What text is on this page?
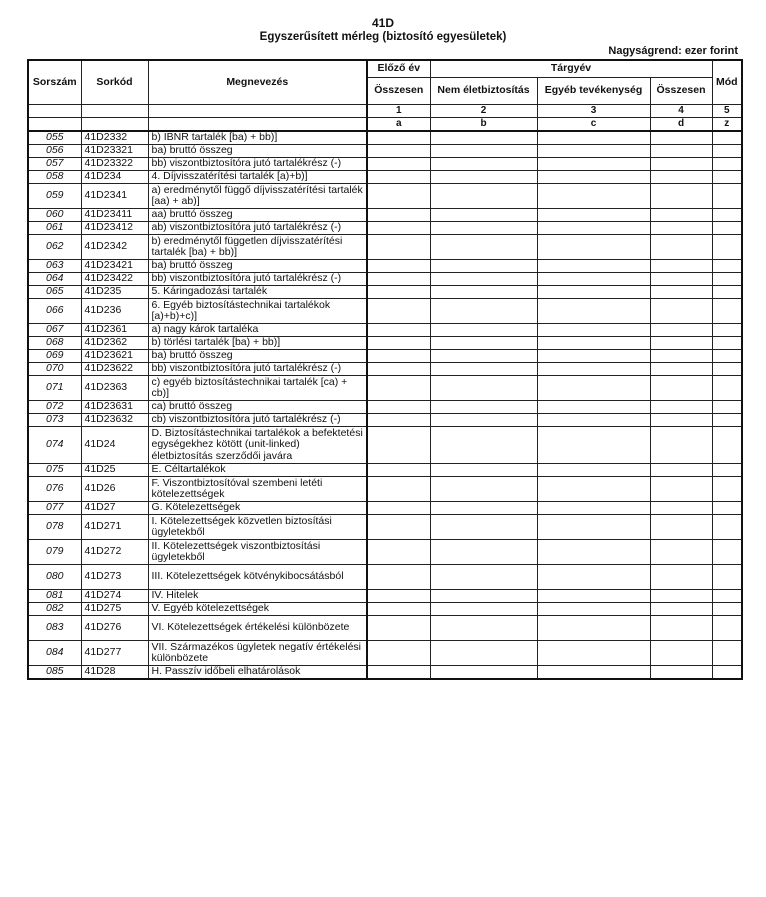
41D
Egyszerűsített mérleg (biztosító egyesületek)
Nagyságrend: ezer forint
Sorszám	Sorkód	Megnevezés	Előző év	Tárgyév			Mód
			Összesen	Nem életbiztosítás	Egyéb tevékenység	Összesen	
			1	2	3	4	5
			a	b	c	d	z
055	41D2332	b) IBNR tartalék [ba) + bb)]					
056	41D23321	ba) bruttó összeg					
057	41D23322	bb) viszontbiztosítóra jutó tartalékrész (-)					
058	41D234	4. Díjvisszatérítési tartalék [a)+b)]					
059	41D2341	a) eredménytől függő díjvisszatérítési tartalék [aa) + ab)]					
060	41D23411	aa) bruttó összeg					
061	41D23412	ab) viszontbiztosítóra jutó tartalékrész (-)					
062	41D2342	b) eredménytől független díjvisszatérítési tartalék [ba) + bb)]					
063	41D23421	ba) bruttó összeg					
064	41D23422	bb) viszontbiztosítóra jutó tartalékrész (-)					
065	41D235	5. Káringadozási tartalék					
066	41D236	6. Egyéb biztosítástechnikai tartalékok [a)+b)+c)]					
067	41D2361	a) nagy károk tartaléka					
068	41D2362	b) törlési tartalék [ba) + bb)]					
069	41D23621	ba) bruttó összeg					
070	41D23622	bb) viszontbiztosítóra jutó tartalékrész (-)					
071	41D2363	c) egyéb biztosítástechnikai tartalék [ca) + cb)]					
072	41D23631	ca) bruttó összeg					
073	41D23632	cb) viszontbiztosítóra jutó tartalékrész (-)					
074	41D24	D. Biztosítástechnikai tartalékok a befektetési egységekhez kötött (unit-linked) életbiztosítás szerződői javára					
075	41D25	E. Céltartalékok					
076	41D26	F. Viszontbiztosítóval szembeni letéti kötelezettségek					
077	41D27	G. Kötelezettségek					
078	41D271	I. Kötelezettségek közvetlen biztosítási ügyletekből					
079	41D272	II. Kötelezettségek viszontbiztosítási ügyletekből					
080	41D273	III. Kötelezettségek kötvénykibocsátásból					
081	41D274	IV. Hitelek					
082	41D275	V. Egyéb kötelezettségek					
083	41D276	VI. Kötelezettségek értékelési különbözete					
084	41D277	VII. Származékos ügyletek negatív értékelési különbözete					
085	41D28	H. Passzív időbeli elhatárolások					
